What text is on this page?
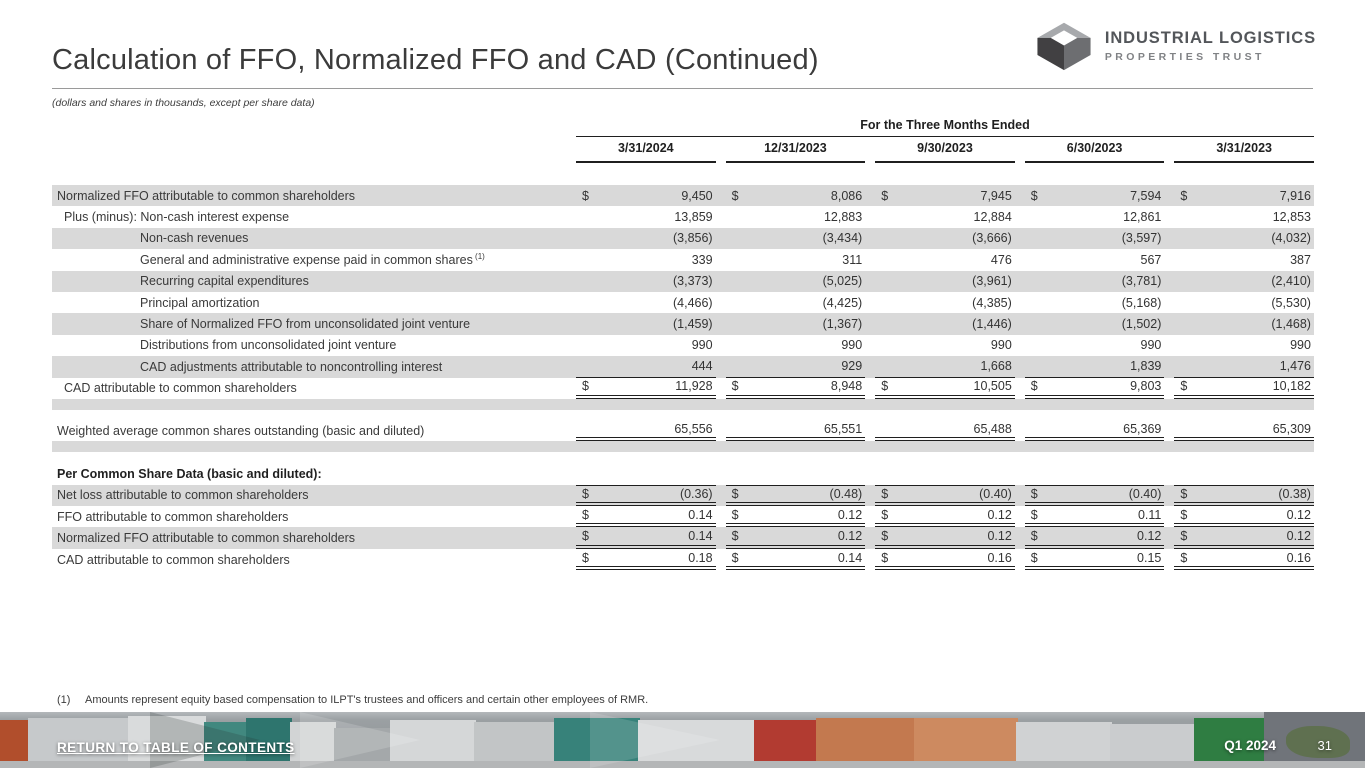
Calculation of FFO, Normalized FFO and CAD (Continued)
(dollars and shares in thousands, except per share data)
INDUSTRIAL LOGISTICS
PROPERTIES TRUST
For the Three Months Ended
3/31/2024	12/31/2023	9/30/2023	6/30/2023	3/31/2023
Normalized FFO attributable to common shareholders	$	9,450 $	8,086 $	7,945 $	7,594 $	7,916
Plus (minus): Non-cash interest expense	13,859	12,883	12,884	12,861	12,853
Non-cash revenues	(3,856)	(3,434)	(3,666)	(3,597)	(4,032)
General and administrative expense paid in common shares $^{(1)}$	339	311	476	567	387
Recurring capital expenditures	(3,373)	(5,025)	(3,961)	(3,781)	(2,410)
Principal amortization	(4,466)	(4,425)	(4,385)	(5,168)	(5,530)
Share of Normalized FFO from unconsolidated joint venture	(1,459)	(1,367)	(1,446)	(1,502)	(1,468)
Distributions from unconsolidated joint venture	990	990	990	990	990
CAD adjustments attributable to noncontrolling interest	444	929	1,668	1,839	1,476
CAD attributable to common shareholders	$	11,928 $	8,948 $	10,505 $	9,803 $	10,182
Weighted average common shares outstanding (basic and diluted)	65,556	65,551	65,488	65,369	65,309
Per Common Share Data (basic and diluted):
Net loss attributable to common shareholders	$	(0.36) $	(0.48) $	(0.40) $	(0.40) $	(0.38)
FFO attributable to common shareholders	$	0.14 $	0.12 $	0.12 $	0.11 $	0.12
Normalized FFO attributable to common shareholders	$	0.14 $	0.12 $	0.12 $	0.12 $	0.12
CAD attributable to common shareholders	$	0.18 $	0.14 $	0.16 $	0.15 $	0.16
(1) Amounts represent equity based compensation to ILPT's trustees and officers and certain other employees of RMR.
RETURN TO TABLE OF CONTENTS	Q1 2024	31
